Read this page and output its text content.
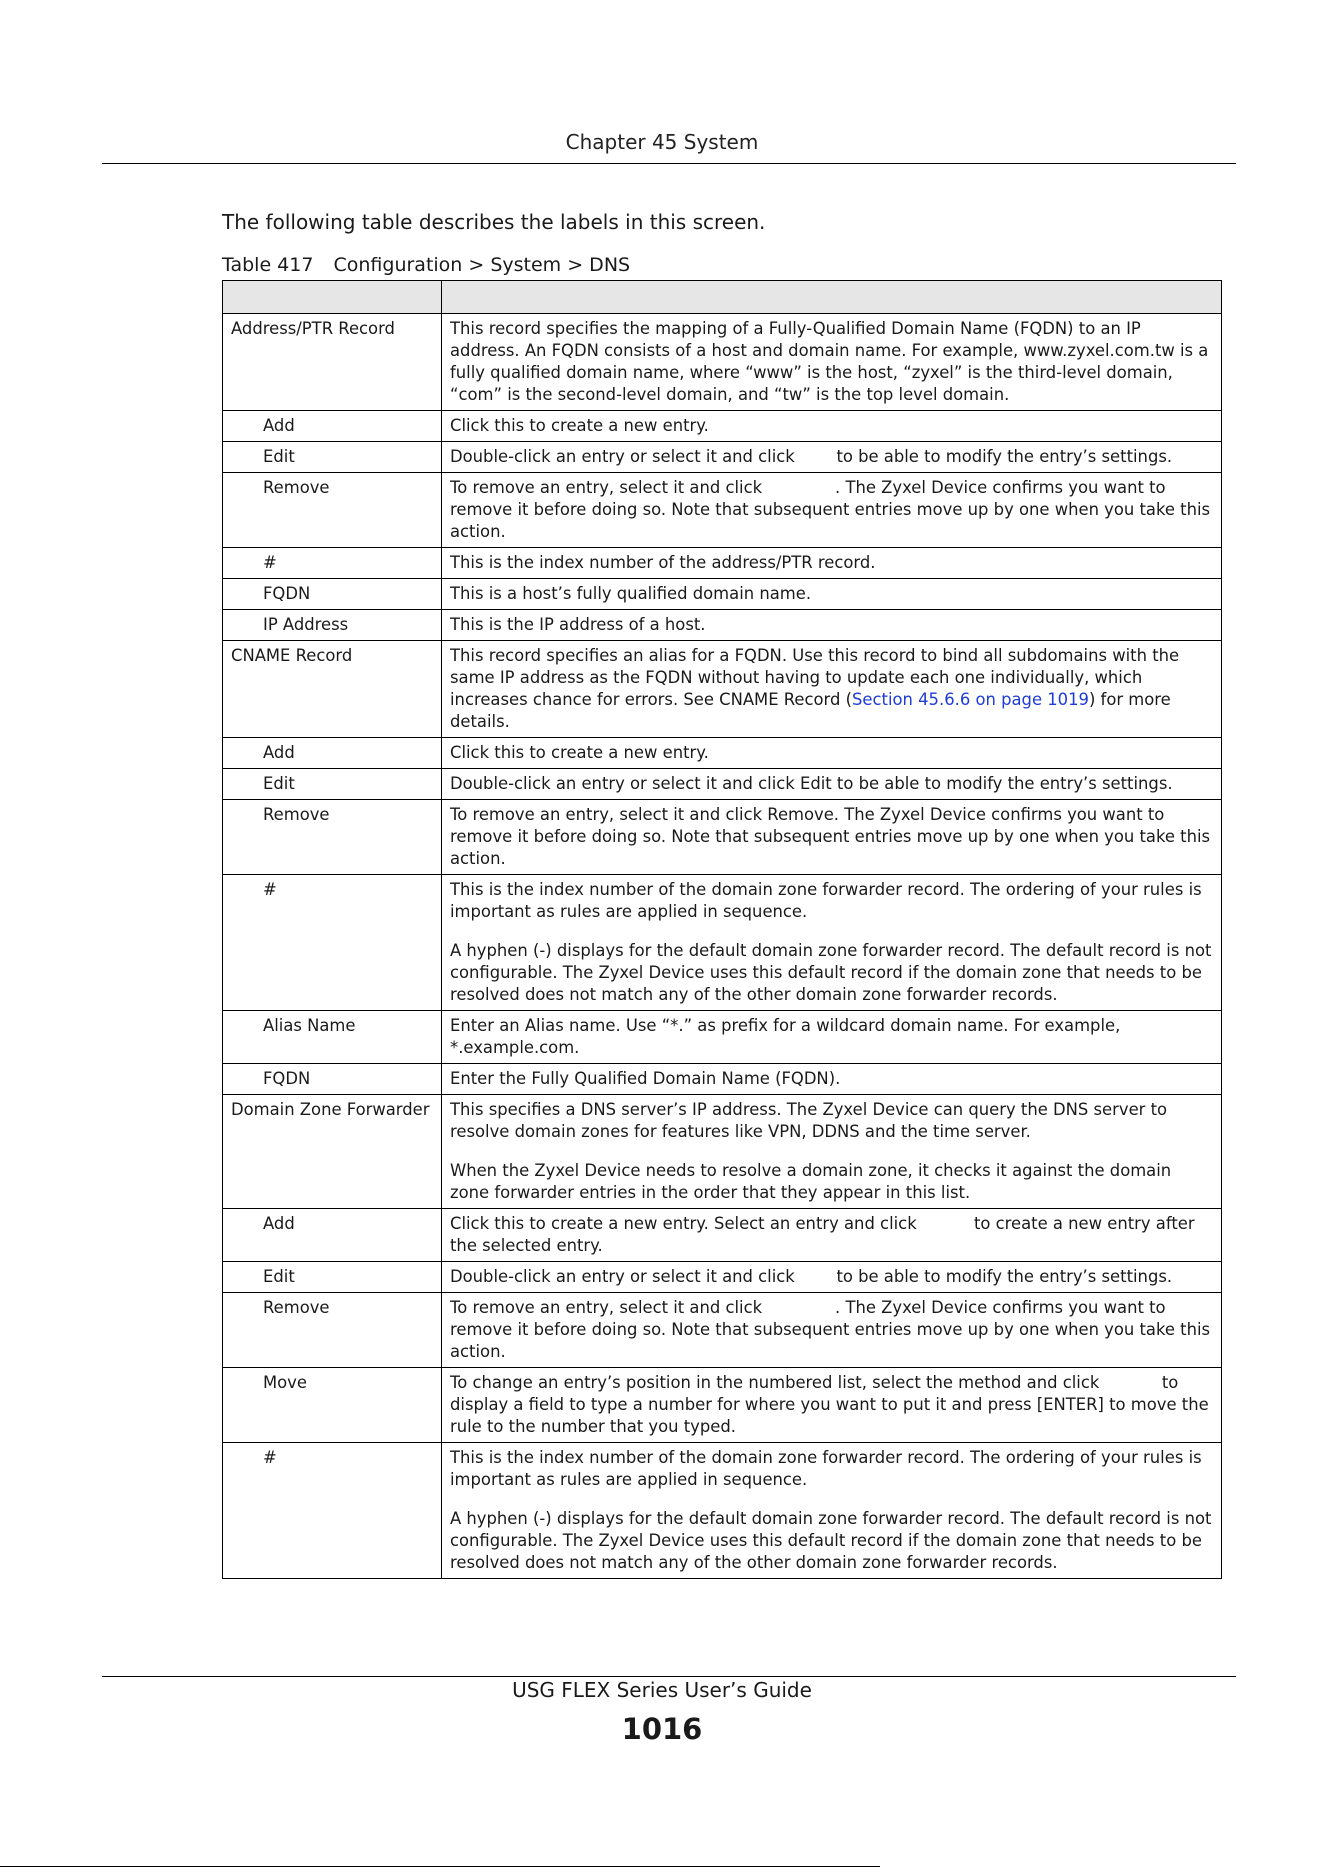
Chapter 45 System
The following table describes the labels in this screen.
Table 417 Configuration > System > DNS

Address/PTR Record	This record specifies the mapping of a Fully-Qualified Domain Name (FQDN) to an IP address. An FQDN consists of a host and domain name. For example, www.zyxel.com.tw is a fully qualified domain name, where “www” is the host, “zyxel” is the third-level domain, “com” is the second-level domain, and “tw” is the top level domain.

Add	Click this to create a new entry.

Edit	Double-click an entry or select it and click        to be able to modify the entry’s settings.

Remove	To remove an entry, select it and click              . The Zyxel Device confirms you want to remove it before doing so. Note that subsequent entries move up by one when you take this action.

#	This is the index number of the address/PTR record.

FQDN	This is a host’s fully qualified domain name.

IP Address	This is the IP address of a host.

CNAME Record	This record specifies an alias for a FQDN. Use this record to bind all subdomains with the same IP address as the FQDN without having to update each one individually, which increases chance for errors. See CNAME Record (Section 45.6.6 on page 1019) for more details.

Add	Click this to create a new entry.

Edit	Double-click an entry or select it and click Edit to be able to modify the entry’s settings.

Remove	To remove an entry, select it and click Remove. The Zyxel Device confirms you want to remove it before doing so. Note that subsequent entries move up by one when you take this action.

#	This is the index number of the domain zone forwarder record. The ordering of your rules is important as rules are applied in sequence.

A hyphen (-) displays for the default domain zone forwarder record. The default record is not configurable. The Zyxel Device uses this default record if the domain zone that needs to be resolved does not match any of the other domain zone forwarder records.

Alias Name	Enter an Alias name. Use “*.” as prefix for a wildcard domain name. For example, *.example.com.

FQDN	Enter the Fully Qualified Domain Name (FQDN).

Domain Zone Forwarder	This specifies a DNS server’s IP address. The Zyxel Device can query the DNS server to resolve domain zones for features like VPN, DDNS and the time server.

When the Zyxel Device needs to resolve a domain zone, it checks it against the domain zone forwarder entries in the order that they appear in this list.

Add	Click this to create a new entry. Select an entry and click           to create a new entry after the selected entry.

Edit	Double-click an entry or select it and click        to be able to modify the entry’s settings.

Remove	To remove an entry, select it and click              . The Zyxel Device confirms you want to remove it before doing so. Note that subsequent entries move up by one when you take this action.

Move	To change an entry’s position in the numbered list, select the method and click            to display a field to type a number for where you want to put it and press [ENTER] to move the rule to the number that you typed.

#	This is the index number of the domain zone forwarder record. The ordering of your rules is important as rules are applied in sequence.

A hyphen (-) displays for the default domain zone forwarder record. The default record is not configurable. The Zyxel Device uses this default record if the domain zone that needs to be resolved does not match any of the other domain zone forwarder records.

USG FLEX Series User’s Guide
1016
